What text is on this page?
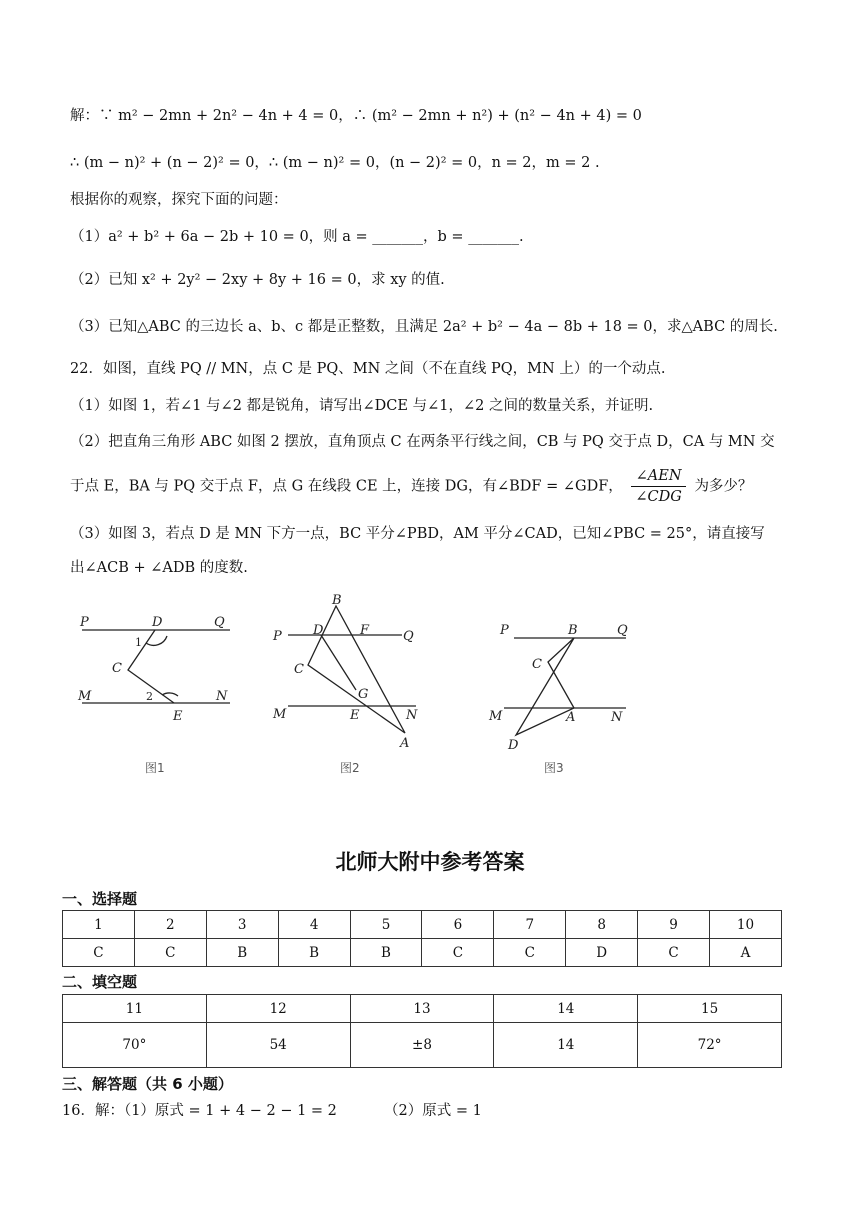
解：∵ m² − 2mn + 2n² − 4n + 4 = 0，∴ (m² − 2mn + n²) + (n² − 4n + 4) = 0
∴ (m − n)² + (n − 2)² = 0，∴ (m − n)² = 0，(n − 2)² = 0，n = 2，m = 2 .
根据你的观察，探究下面的问题：
（1）a² + b² + 6a − 2b + 10 = 0，则 a = _______，b = _______.
（2）已知 x² + 2y² − 2xy + 8y + 16 = 0，求 xy 的值.
（3）已知△ABC 的三边长 a、b、c 都是正整数，且满足 2a² + b² − 4a − 8b + 18 = 0，求△ABC 的周长.
22．如图，直线 PQ // MN，点 C 是 PQ、MN 之间（不在直线 PQ，MN 上）的一个动点.
（1）如图 1，若∠1 与∠2 都是锐角，请写出∠DCE 与∠1，∠2 之间的数量关系，并证明.
（2）把直角三角形 ABC 如图 2 摆放，直角顶点 C 在两条平行线之间，CB 与 PQ 交于点 D，CA 与 MN 交
于点 E，BA 与 PQ 交于点 F，点 G 在线段 CE 上，连接 DG，有∠BDF = ∠GDF， $\frac{\text{∠AEN}}{\text{∠CDG}}$ 为多少？
（3）如图 3，若点 D 是 MN 下方一点，BC 平分∠PBD，AM 平分∠CAD，已知∠PBC = 25°，请直接写
出∠ACB + ∠ADB 的度数.
P	D	Q
1
C
M	2	N
E
图1
B
P D	F	Q
C
G
M	E	N
A
图2
P	B	Q
C
M	A	N
D
图3
北师大附中参考答案
一、选择题
1	2	3	4	5	6	7	8	9	10
C	C	B	B	B	C	C	D	C	A
二、填空题
11	12	13	14	15
70°	54	±8	14	72°
三、解答题（共 6 小题）
16．解：（1）原式 = 1 + 4 − 2 − 1 = 2	（2）原式 = 1
